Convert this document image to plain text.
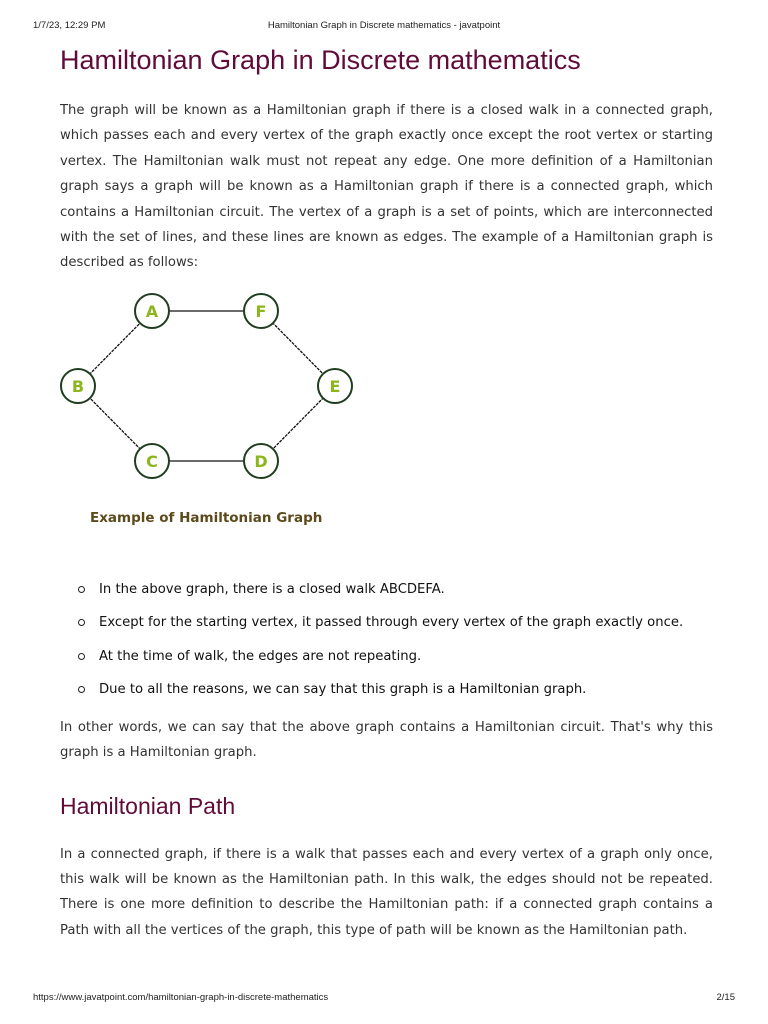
1/7/23, 12:29 PM	Hamiltonian Graph in Discrete mathematics - javatpoint
Hamiltonian Graph in Discrete mathematics

The graph will be known as a Hamiltonian graph if there is a closed walk in a connected graph, which passes each and every vertex of the graph exactly once except the root vertex or starting vertex. The Hamiltonian walk must not repeat any edge. One more definition of a Hamiltonian graph says a graph will be known as a Hamiltonian graph if there is a connected graph, which contains a Hamiltonian circuit. The vertex of a graph is a set of points, which are interconnected with the set of lines, and these lines are known as edges. The example of a Hamiltonian graph is described as follows:

A	F
B	E
C	D
Example of Hamiltonian Graph
In the above graph, there is a closed walk ABCDEFA.
Except for the starting vertex, it passed through every vertex of the graph exactly once.
At the time of walk, the edges are not repeating.
Due to all the reasons, we can say that this graph is a Hamiltonian graph.

In other words, we can say that the above graph contains a Hamiltonian circuit. That's why this graph is a Hamiltonian graph.

Hamiltonian Path

In a connected graph, if there is a walk that passes each and every vertex of a graph only once, this walk will be known as the Hamiltonian path. In this walk, the edges should not be repeated. There is one more definition to describe the Hamiltonian path: if a connected graph contains a Path with all the vertices of the graph, this type of path will be known as the Hamiltonian path.

https://www.javatpoint.com/hamiltonian-graph-in-discrete-mathematics	2/15
